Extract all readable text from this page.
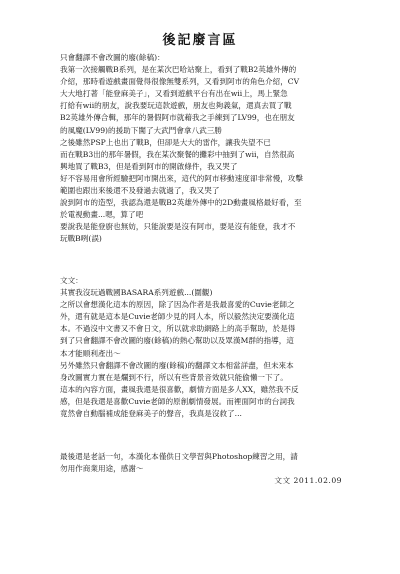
後記廢言區
只會翻譯不會改圖的廢(餘稿)：
我第一次接觸戰B系列，是在某次巴哈站聚上，看到了戰B2英雄外傳的
介紹，那時看遊戲畫面覺得很像無雙系列，又看到阿市的角色介紹，CV
大大地打著「能登麻美子」，又看到遊戲平台有出在wii上，馬上緊急
打給有wii的朋友，說我要玩這款遊戲，朋友也夠義氣，還真去買了戰
B2英雄外傳合輯，那年的暑假阿市就藉我之手練到了LV99，也在朋友
的風魔(LV99)的援助下闖了大武鬥會拿八武三勝
之後雖然PSP上也出了戰B，但卻是大大的雷作，讓我失望不已
而在戰B3出的那年暑假，我在某次聚餐的攤彩中抽到了wii，自然很高
興地買了戰B3，但是看到阿市的開啟條件，我又哭了
好不容易用會所經驗把阿市開出來，這代的阿市移動速度卻非常慢，攻擊
範圍也跟出來後還不及發過去就過了，我又哭了
說到阿市的造型，我認為還是戰B2英雄外傳中的2D動畫風格最好看，至
於電視動畫...嗯，算了吧
要說我是能登廚也無妨，只能說要是沒有阿市，要是沒有能登，我才不
玩戰B咧(誤)
文文：
其實我沒玩過戰國BASARA系列遊戲...(圍觀)
之所以會想漢化這本的原因，除了因為作者是我最喜愛的Cuvie老師之
外，還有就是這本是Cuvie老師少見的同人本，所以毅然決定要漢化這
本。不過沒中文書又不會日文，所以就求助網路上的高手幫助，於是得
到了只會翻譯不會改圖的廢(餘稿)的熱心幫助以及眾漢M群的指導，這
本才能順利產出～
另外雖然只會翻譯不會改圖的廢(餘稿)的翻譯文本相當詳盡，但未來本
身改圖實力實在是爛到不行，所以有些背景音效就只能偷懶一下了。
這本的內容方面，畫風我還是很喜歡，劇情方面是多人XX，雖然我不反
感，但是我還是喜歡Cuvie老師的原創劇情發展。而裡面阿市的台詞我
竟然會自動腦補成能登麻美子的聲音，我真是沒救了...
最後還是老話一句，本漢化本僅供日文學習與Photoshop練習之用，請
勿用作商業用途，感謝～
文文 2011.02.09
